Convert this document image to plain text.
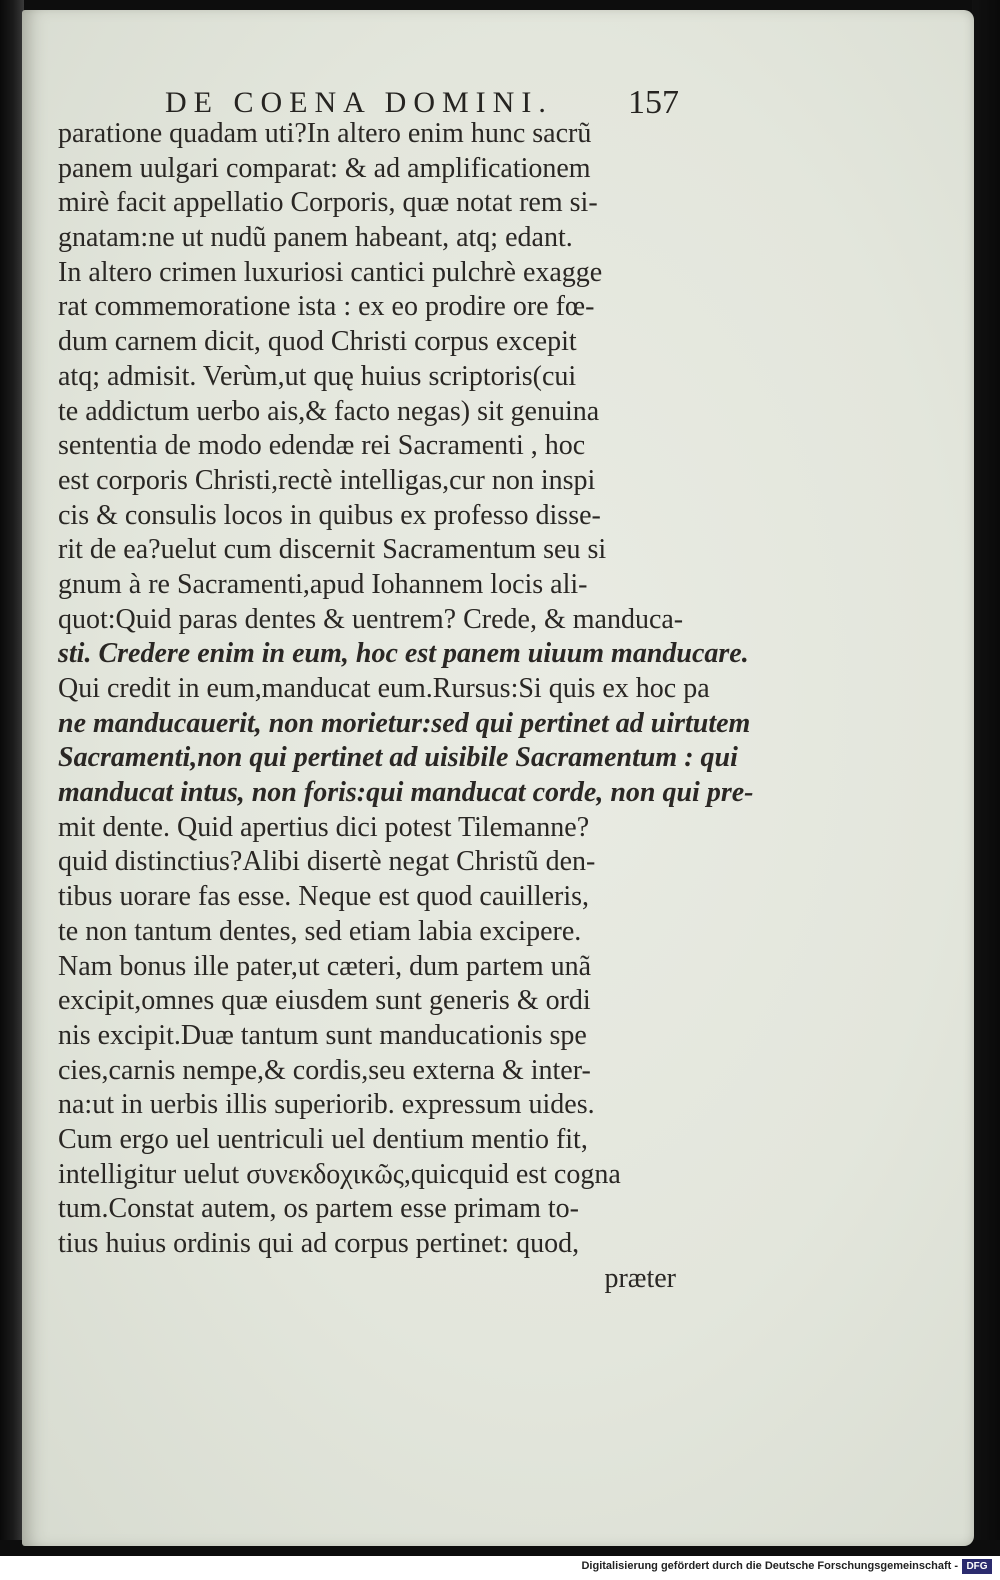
DE COENA DOMINI.	157
paratione quadam uti?In altero enim hunc sacrũ
panem uulgari comparat: & ad amplificationem
mirè facit appellatio Corporis, quæ notat rem si-
gnatam:ne ut nudũ panem habeant, atq; edant.
In altero crimen luxuriosi cantici pulchrè exagge
rat commemoratione ista : ex eo prodire ore fœ-
dum carnem dicit, quod Christi corpus excepit
atq; admisit. Verùm,ut quę huius scriptoris(cui
te addictum uerbo ais,& facto negas) sit genuina
sententia de modo edendæ rei Sacramenti , hoc
est corporis Christi,rectè intelligas,cur non inspi
cis & consulis locos in quibus ex professo disse-
rit de ea?uelut cum discernit Sacramentum seu si
gnum à re Sacramenti,apud Iohannem locis ali-
quot:Quid paras dentes & uentrem? Crede, & manduca-
sti. Credere enim in eum, hoc est panem uiuum manducare.
Qui credit in eum,manducat eum.Rursus:Si quis ex hoc pa
ne manducauerit, non morietur:sed qui pertinet ad uirtutem
Sacramenti,non qui pertinet ad uisibile Sacramentum : qui
manducat intus, non foris:qui manducat corde, non qui pre-
mit dente. Quid apertius dici potest Tilemanne?
quid distinctius?Alibi disertè negat Christũ den-
tibus uorare fas esse. Neque est quod cauilleris,
te non tantum dentes, sed etiam labia excipere.
Nam bonus ille pater,ut cæteri, dum partem unã
excipit,omnes quæ eiusdem sunt generis & ordi
nis excipit.Duæ tantum sunt manducationis spe
cies,carnis nempe,& cordis,seu externa & inter-
na:ut in uerbis illis superiorib. expressum uides.
Cum ergo uel uentriculi uel dentium mentio fit,
intelligitur uelut συνεκδοχικῶς,quicquid est cogna
tum.Constat autem, os partem esse primam to-
tius huius ordinis qui ad corpus pertinet: quod,
præter
Digitalisierung gefördert durch die Deutsche Forschungsgemeinschaft - DFG
